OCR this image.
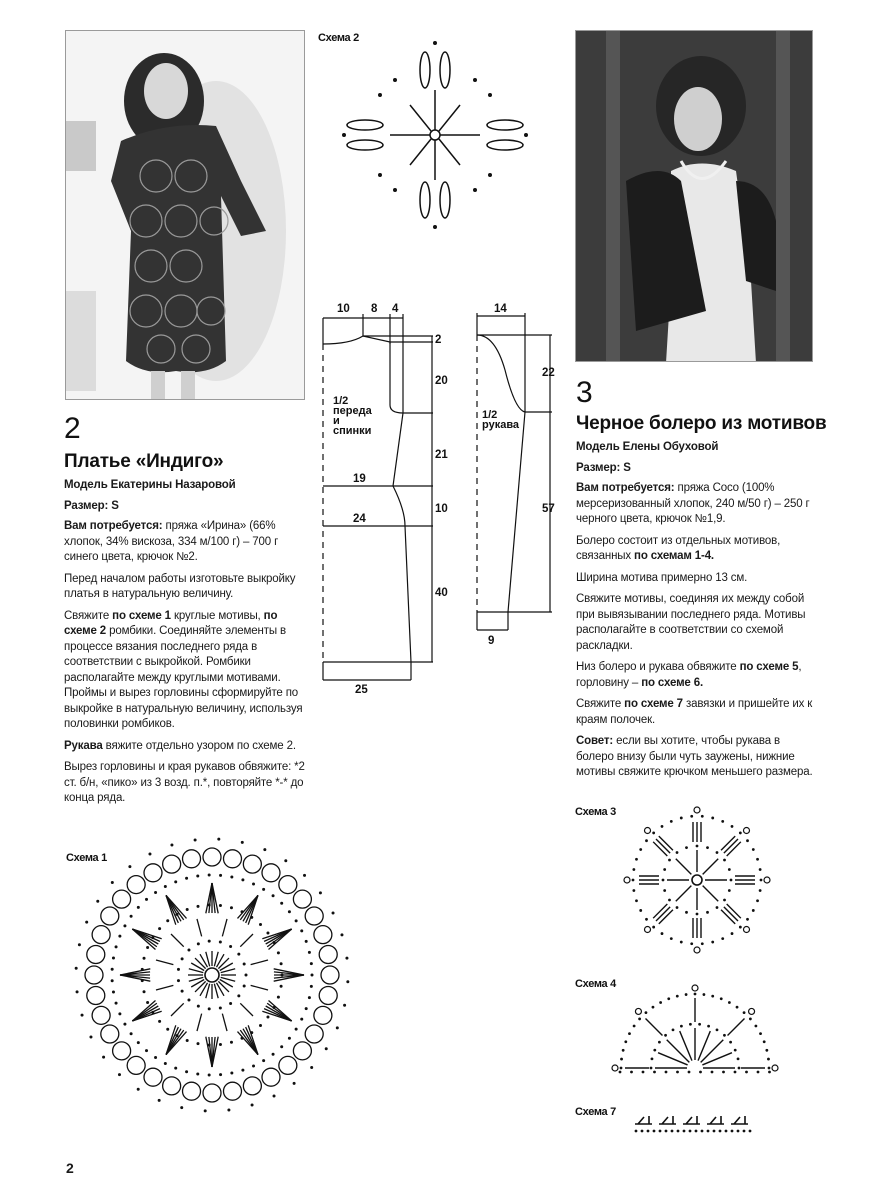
Схема 2
10 8 4
2
20
21
10
40
19
24
25
1/2
переда
и
спинки
14
22
57
9
1/2
рукава
2
Платье «Индиго»

Модель Екатерины Назаровой

Размер: S

Вам потребуется: пряжа «Ирина» (66% хлопок, 34% вискоза, 334 м/100 г) – 700 г синего цвета, крючок №2.

Перед началом работы изготовьте выкройку платья в натуральную величину.

Свяжите по схеме 1 круглые мотивы, по схеме 2 ромбики. Соединяйте элементы в процессе вязания последнего ряда в соответствии с выкройкой. Ромбики располагайте между круглыми мотивами. Проймы и вырез горловины сформируйте по выкройке в натуральную величину, используя половинки ромбиков.

Рукава вяжите отдельно узором по схеме 2.

Вырез горловины и края рукавов обвяжите: *2 ст. б/н, «пико» из 3 возд. п.*, повторяйте *-* до конца ряда.

3
Черное болеро из мотивов

Модель Елены Обуховой

Размер: S

Вам потребуется: пряжа Coco (100% мерсеризованный хлопок, 240 м/50 г) – 250 г черного цвета, крючок №1,9.

Болеро состоит из отдельных мотивов, связанных по схемам 1-4.

Ширина мотива примерно 13 см.

Свяжите мотивы, соединяя их между собой при вывязывании последнего ряда. Мотивы располагайте в соответствии со схемой раскладки.

Низ болеро и рукава обвяжите по схеме 5, горловину – по схеме 6.

Свяжите по схеме 7 завязки и пришейте их к краям полочек.

Совет: если вы хотите, чтобы рукава в болеро внизу были чуть заужены, нижние мотивы свяжите крючком меньшего размера.

Схема 1
Схема 3
Схема 4
Схема 7
2
